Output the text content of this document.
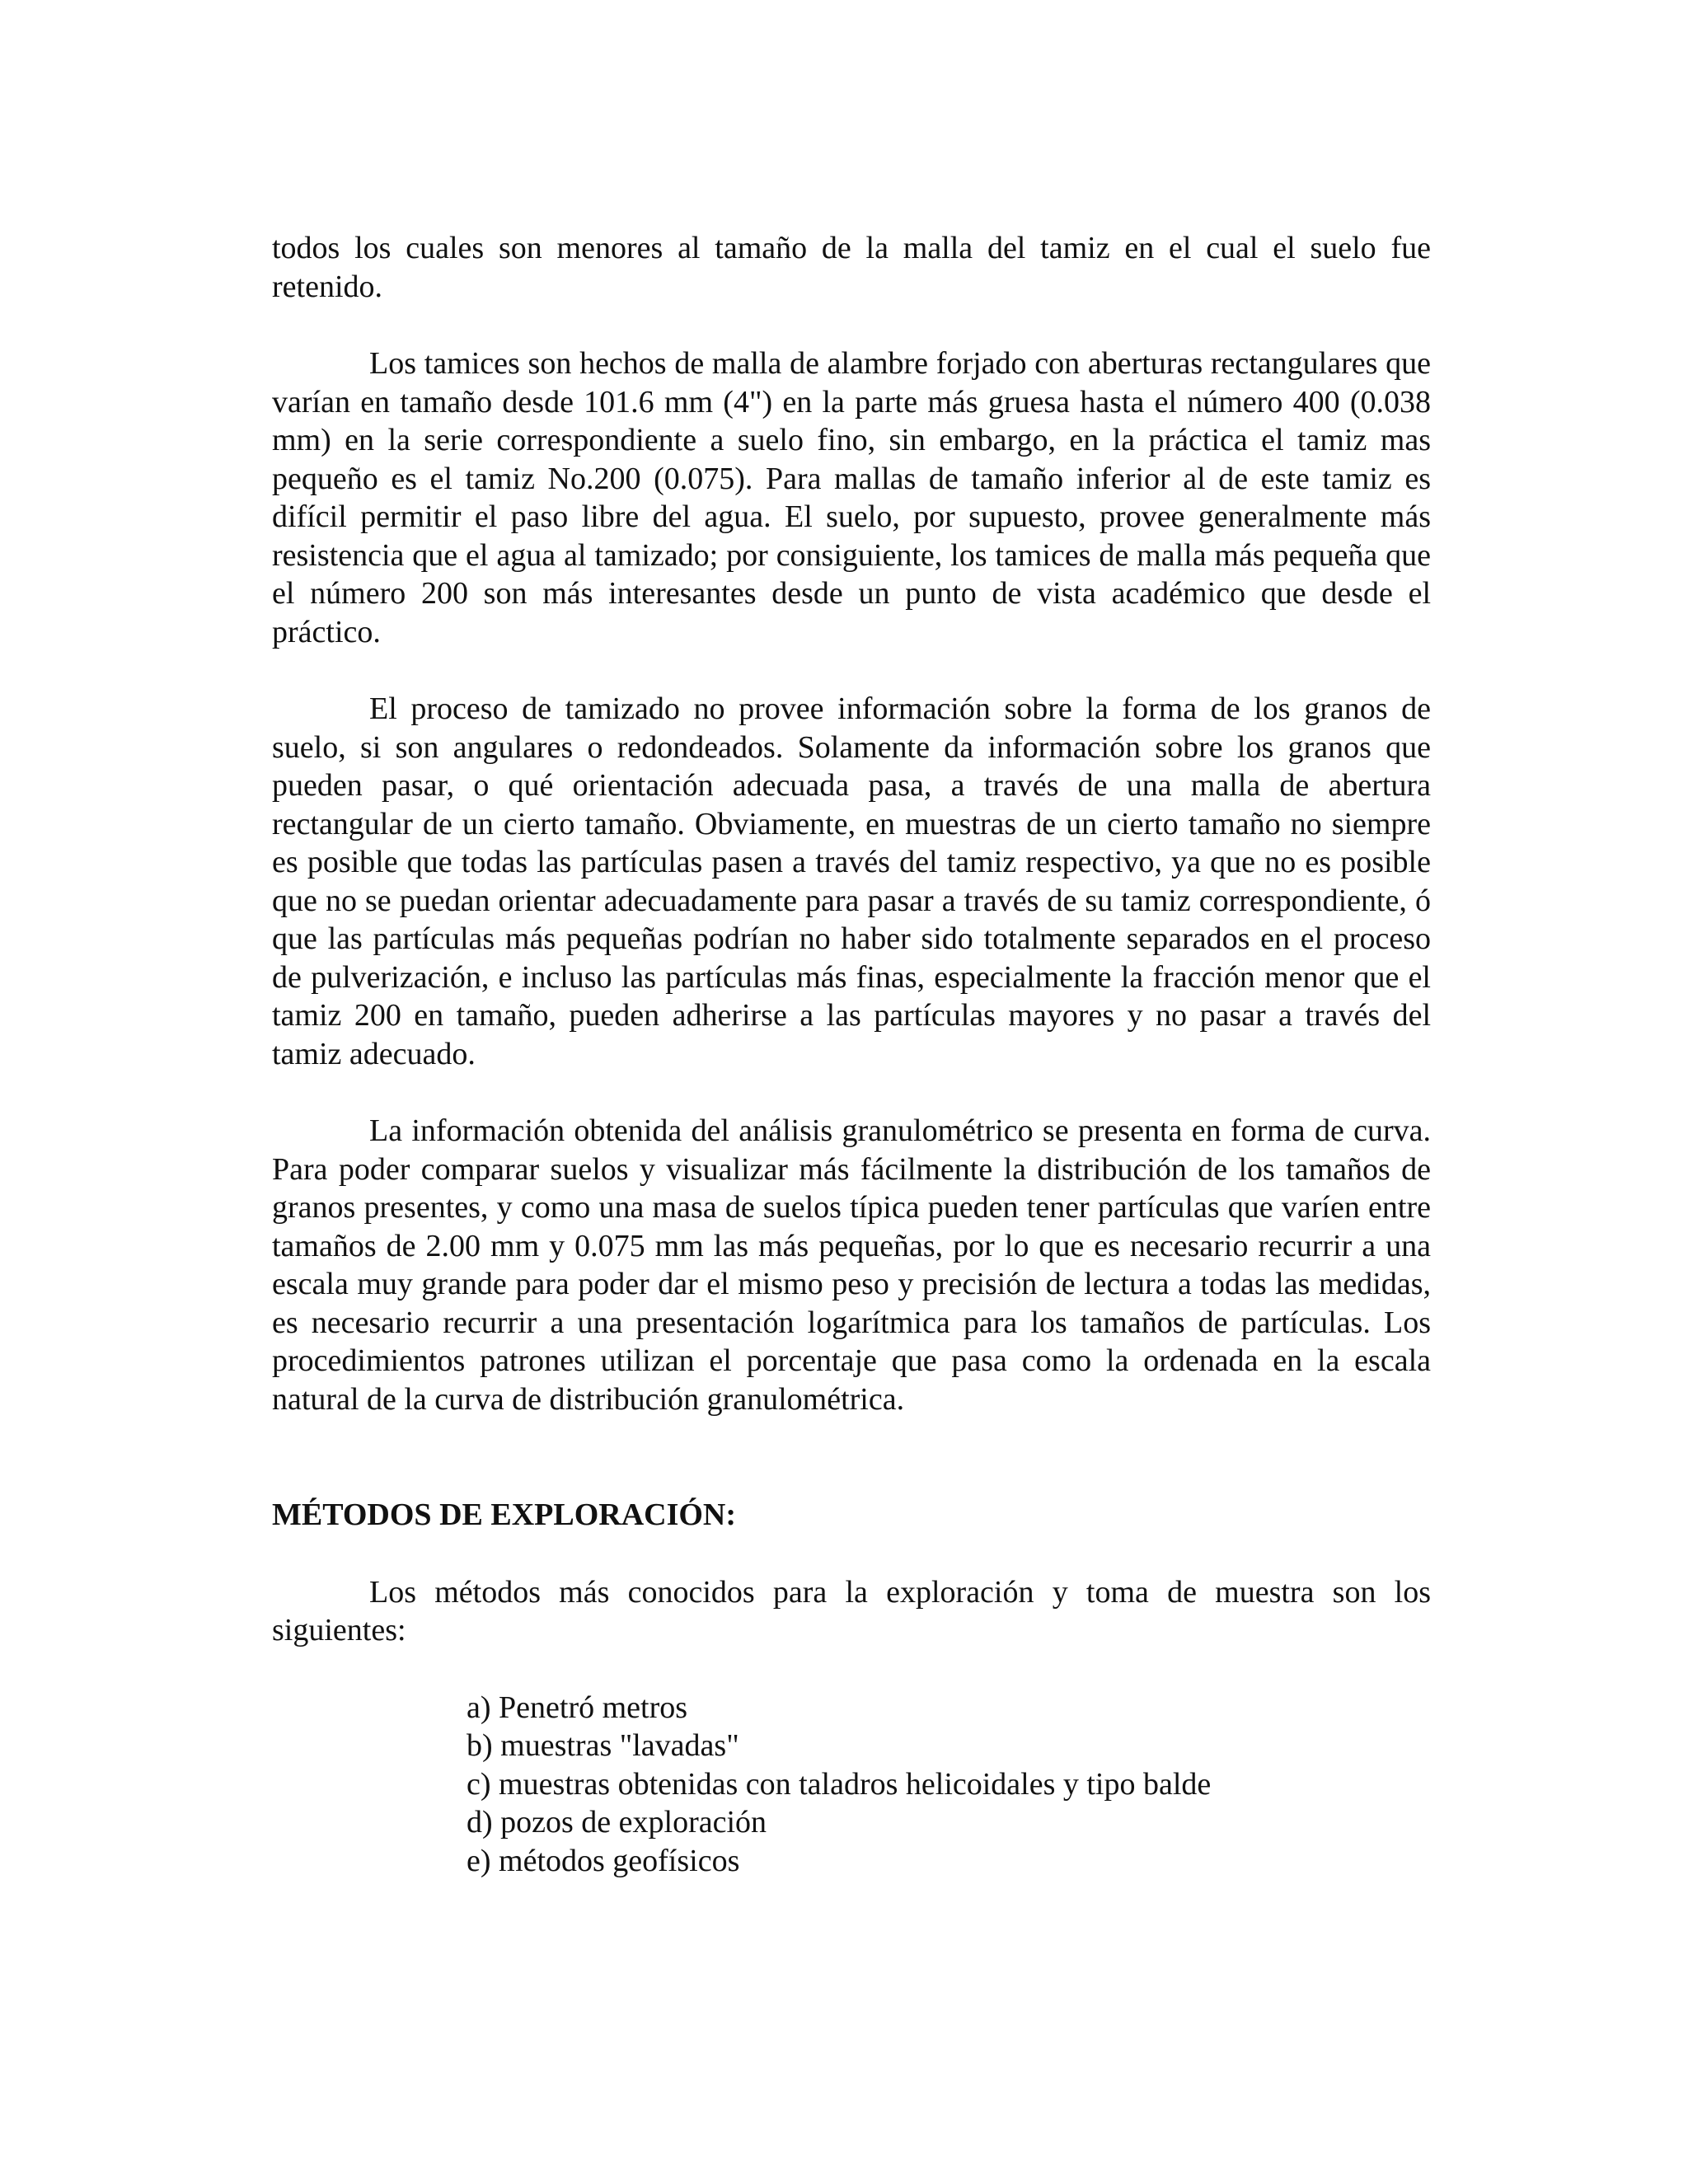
todos los cuales son menores al tamaño de la malla del tamiz en el cual el suelo fue retenido.

Los tamices son hechos de malla de alambre forjado con aberturas rectangulares que varían en tamaño desde 101.6 mm (4") en la parte más gruesa hasta el número 400 (0.038 mm) en la serie correspondiente a suelo fino, sin embargo, en la práctica el tamiz mas pequeño es el tamiz No.200 (0.075). Para mallas de tamaño inferior al de este tamiz es difícil permitir el paso libre del agua. El suelo, por supuesto, provee generalmente más resistencia que el agua al tamizado; por consiguiente, los tamices de malla más pequeña que el número 200 son más interesantes desde un punto de vista académico que desde el práctico.

El proceso de tamizado no provee información sobre la forma de los granos de suelo, si son angulares o redondeados. Solamente da información sobre los granos que pueden pasar, o qué orientación adecuada pasa, a través de una malla de abertura rectangular de un cierto tamaño. Obviamente, en muestras de un cierto tamaño no siempre es posible que todas las partículas pasen a través del tamiz respectivo, ya que no es posible que no se puedan orientar adecuadamente para pasar a través de su tamiz correspondiente, ó que las partículas más pequeñas podrían no haber sido totalmente separados en el proceso de pulverización, e incluso las partículas más finas, especialmente la fracción menor que el tamiz 200 en tamaño, pueden adherirse a las partículas mayores y no pasar a través del tamiz adecuado.

La información obtenida del análisis granulométrico se presenta en forma de curva. Para poder comparar suelos y visualizar más fácilmente la distribución de los tamaños de granos presentes, y como una masa de suelos típica pueden tener partículas que varíen entre tamaños de 2.00 mm y 0.075 mm las más pequeñas, por lo que es necesario recurrir a una escala muy grande para poder dar el mismo peso y precisión de lectura a todas las medidas, es necesario recurrir a una presentación logarítmica para los tamaños de partículas. Los procedimientos patrones utilizan el porcentaje que pasa como la ordenada en la escala natural de la curva de distribución granulométrica.

MÉTODOS DE EXPLORACIÓN:

Los métodos más conocidos para la exploración y toma de muestra son los siguientes:

a) Penetró metros
b) muestras "lavadas"
c) muestras obtenidas con taladros helicoidales y tipo balde
d) pozos de exploración
e) métodos geofísicos
